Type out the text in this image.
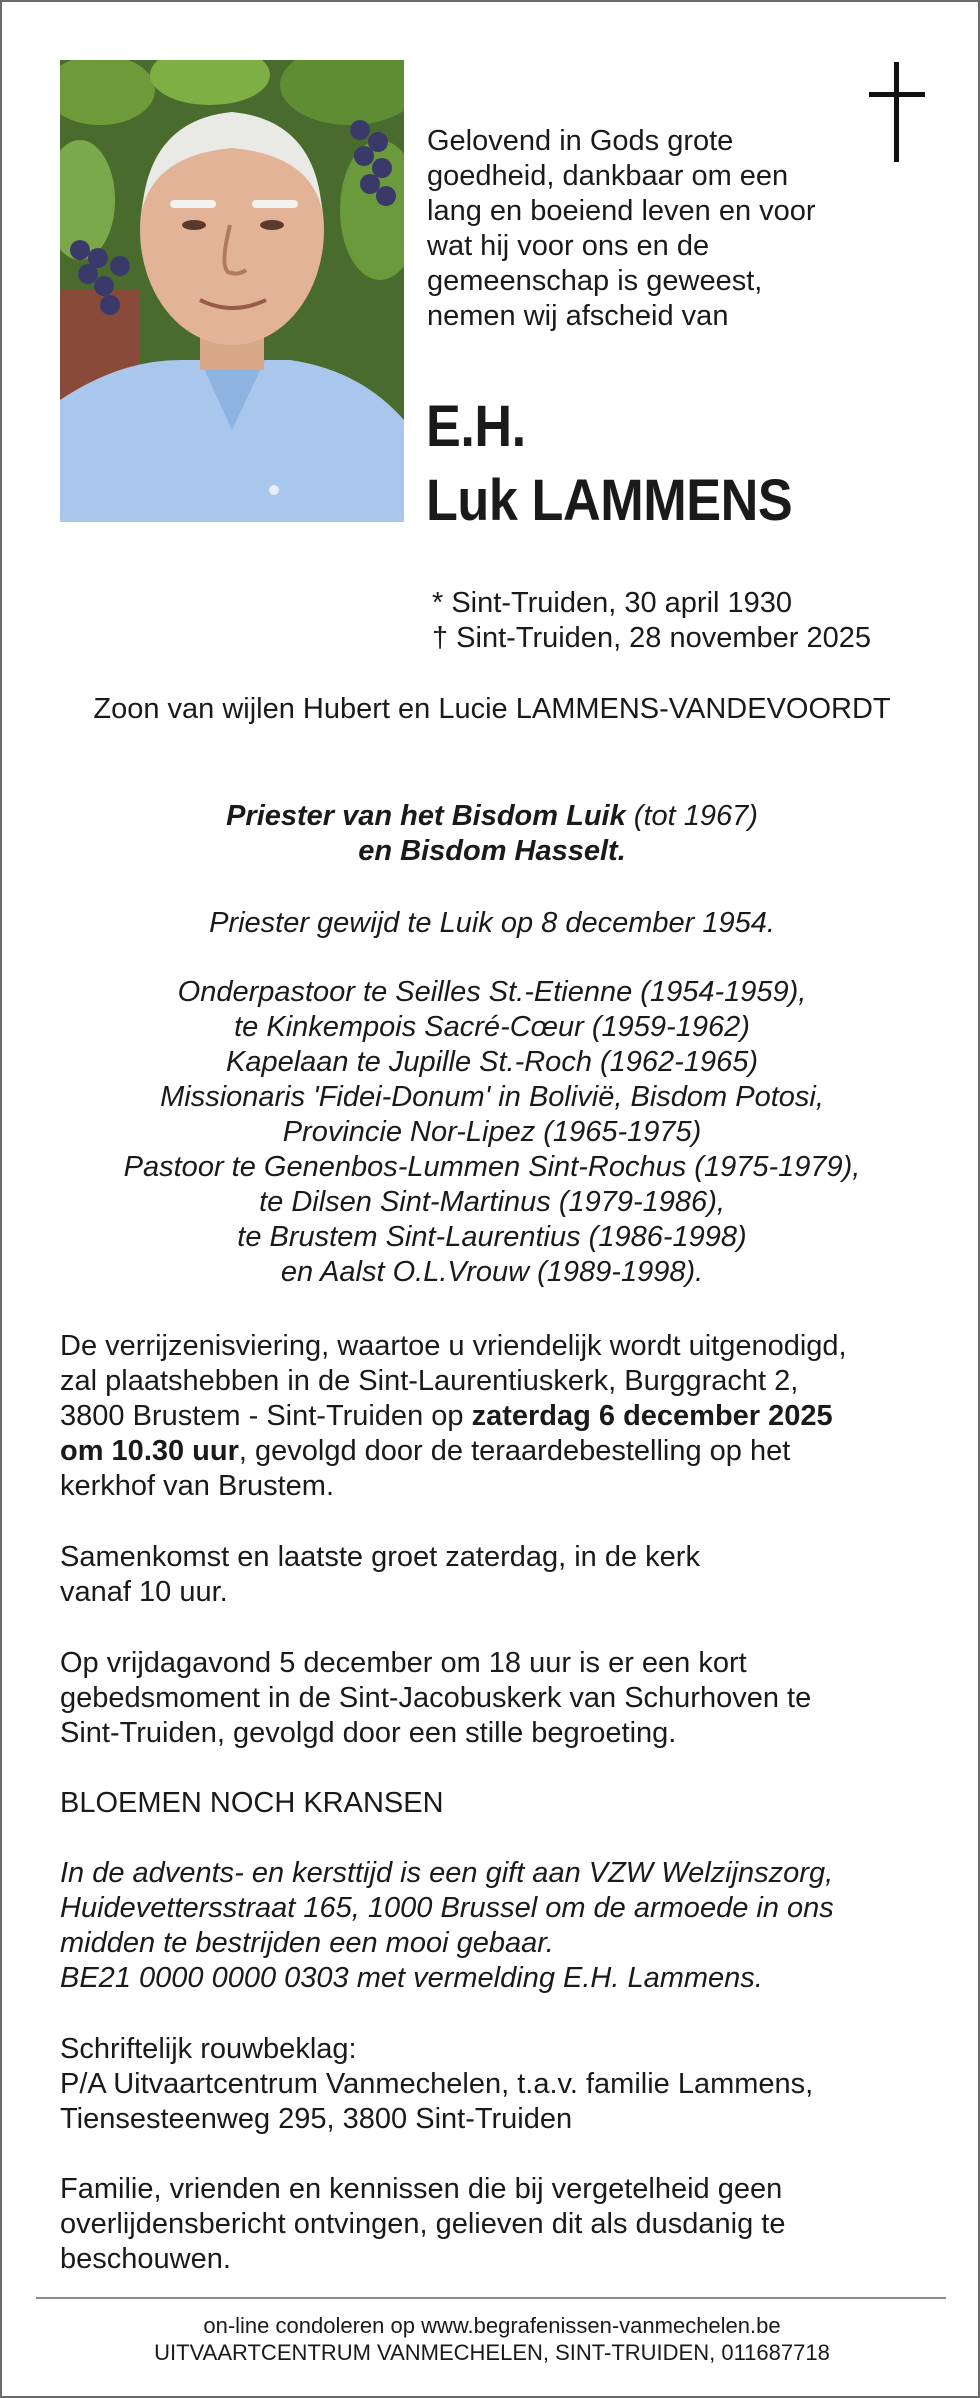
Gelovend in Gods grote
goedheid, dankbaar om een
lang en boeiend leven en voor
wat hij voor ons en de
gemeenschap is geweest,
nemen wij afscheid van
E.H.
Luk LAMMENS
* Sint-Truiden, 30 april 1930
† Sint-Truiden, 28 november 2025
Zoon van wijlen Hubert en Lucie LAMMENS-VANDEVOORDT
Priester van het Bisdom Luik (tot 1967)
en Bisdom Hasselt.
Priester gewijd te Luik op 8 december 1954.
Onderpastoor te Seilles St.-Etienne (1954-1959),
te Kinkempois Sacré-Cœur (1959-1962)
Kapelaan te Jupille St.-Roch (1962-1965)
Missionaris 'Fidei-Donum' in Bolivië, Bisdom Potosi,
Provincie Nor-Lipez (1965-1975)
Pastoor te Genenbos-Lummen Sint-Rochus (1975-1979),
te Dilsen Sint-Martinus (1979-1986),
te Brustem Sint-Laurentius (1986-1998)
en Aalst O.L.Vrouw (1989-1998).
De verrijzenisviering, waartoe u vriendelijk wordt uitgenodigd,
zal plaatshebben in de Sint-Laurentiuskerk, Burggracht 2,
3800 Brustem - Sint-Truiden op zaterdag 6 december 2025
om 10.30 uur, gevolgd door de teraardebestelling op het
kerkhof van Brustem.
Samenkomst en laatste groet zaterdag, in de kerk
vanaf 10 uur.
Op vrijdagavond 5 december om 18 uur is er een kort
gebedsmoment in de Sint-Jacobuskerk van Schurhoven te
Sint-Truiden, gevolgd door een stille begroeting.
BLOEMEN NOCH KRANSEN
In de advents- en kersttijd is een gift aan VZW Welzijnszorg,
Huidevettersstraat 165, 1000 Brussel om de armoede in ons
midden te bestrijden een mooi gebaar.
BE21 0000 0000 0303 met vermelding E.H. Lammens.
Schriftelijk rouwbeklag:
P/A Uitvaartcentrum Vanmechelen, t.a.v. familie Lammens,
Tiensesteenweg 295, 3800 Sint-Truiden
Familie, vrienden en kennissen die bij vergetelheid geen
overlijdensbericht ontvingen, gelieven dit als dusdanig te
beschouwen.
on-line condoleren op www.begrafenissen-vanmechelen.be
UITVAARTCENTRUM VANMECHELEN, SINT-TRUIDEN, 011687718
